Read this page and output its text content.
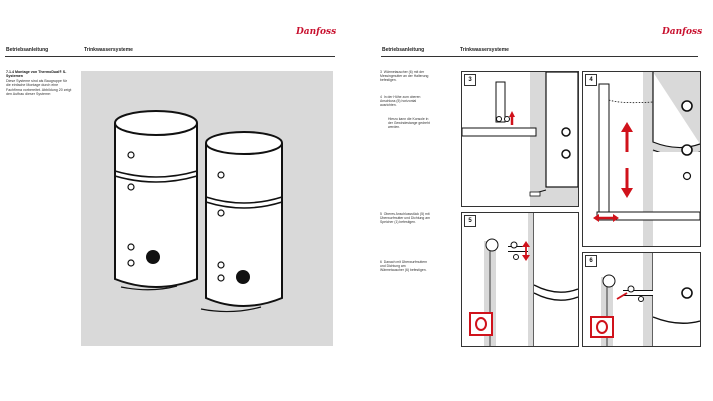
Betriebsanleitung	Trinkwassersysteme
Danfoss
7.1.4 Montage von ThermoDual® S-Systemen
Diese Systeme sind als Baugruppe für die einfache Montage durch eine Fachfirma vorbereitet. Abbildung 20 zeigt den Aufbau dieser Systeme:
Betriebsanleitung	Trinkwassersysteme
Danfoss
3 Wärmetauscher (6) mit der Messingmutter an der Halterung befestigen.
4 In der Höhe zum oberen Anschluss (5) horizontal ausrichten.
Hierzu kann die Konsole in der Gewindestange gedreht werden.
5 Oberes Anschlussstück (5) mit Überwurfmutter und Dichtung am Speicher (1) befestigen.
6 Danach mit Überwurfmuttern und Dichtung am Wärmetauscher (6) befestigen.
3	4
5
6
